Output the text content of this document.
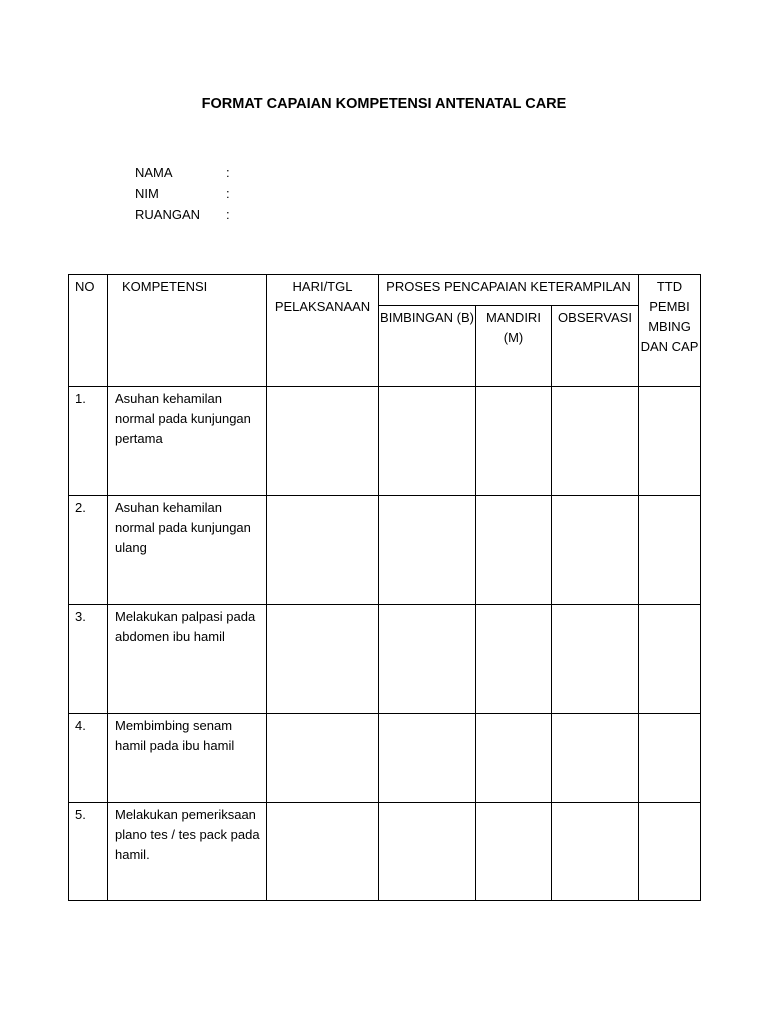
FORMAT CAPAIAN KOMPETENSI ANTENATAL CARE
NAMA	:
NIM	:
RUANGAN	:
NO	KOMPETENSI	HARI/TGL PELAKSANAAN	PROSES PENCAPAIAN KETERAMPILAN			TTD PEMBI MBING DAN CAP
			BIMBINGAN (B)	MANDIRI (M)	OBSERVASI	
1.	Asuhan kehamilan normal pada kunjungan pertama					
2.	Asuhan kehamilan normal pada kunjungan ulang					
3.	Melakukan palpasi pada abdomen ibu hamil					
4.	Membimbing senam hamil pada ibu hamil					
5.	Melakukan pemeriksaan plano tes / tes pack pada hamil.					
